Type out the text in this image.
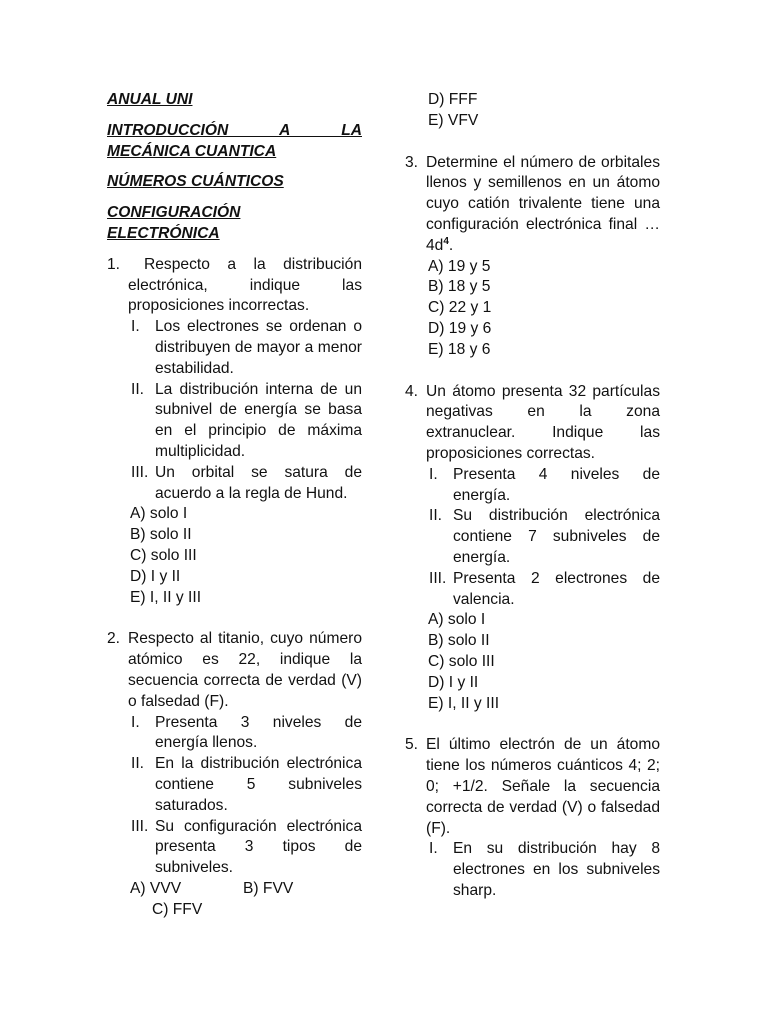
ANUAL UNI
INTRODUCCIÓN A LA
MECÁNICA CUANTICA
NÚMEROS CUÁNTICOS
CONFIGURACIÓN ELECTRÓNICA
1.	Respecto a la distribución electrónica, indique las proposiciones incorrectas.
I. Los electrones se ordenan o distribuyen de mayor a menor estabilidad.
II. La distribución interna de un subnivel de energía se basa en el principio de máxima multiplicidad.
III. Un orbital se satura de acuerdo a la regla de Hund.
A) solo I
B) solo II
C) solo III
D) I y II
E) I, II y III
2. Respecto al titanio, cuyo número atómico es 22, indique la secuencia correcta de verdad (V) o falsedad (F).
I. Presenta 3 niveles de energía llenos.
II. En la distribución electrónica contiene 5 subniveles saturados.
III. Su configuración electrónica presenta 3 tipos de subniveles.
A) VVV	B) FVV
C) FFV
D) FFF
E) VFV
3. Determine el número de orbitales llenos y semillenos en un átomo cuyo catión trivalente tiene una configuración electrónica final $\dots 4d^4$.
A) 19 y 5
B) 18 y 5
C) 22 y 1
D) 19 y 6
E) 18 y 6
4. Un átomo presenta 32 partículas negativas en la zona extranuclear. Indique las proposiciones correctas.
I. Presenta 4 niveles de energía.
II. Su distribución electrónica contiene 7 subniveles de energía.
III. Presenta 2 electrones de valencia.
A) solo I
B) solo II
C) solo III
D) I y II
E) I, II y III
5. El último electrón de un átomo tiene los números cuánticos 4; 2; 0; +1/2. Señale la secuencia correcta de verdad (V) o falsedad (F).
I. En su distribución hay 8 electrones en los subniveles sharp.
